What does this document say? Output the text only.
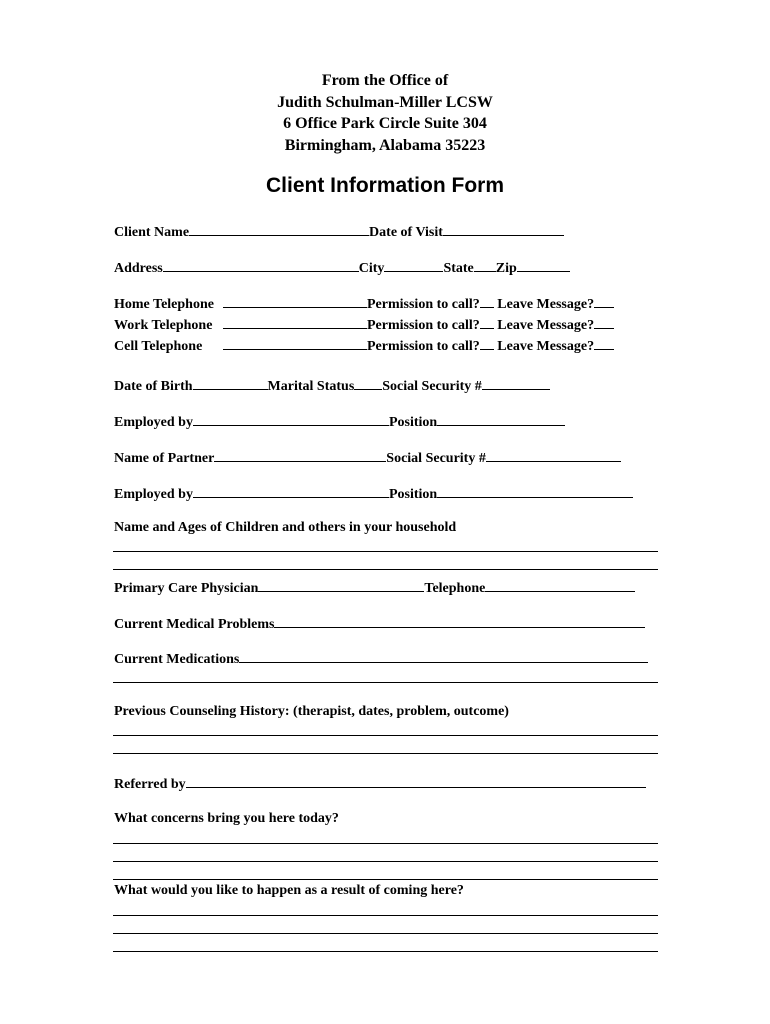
From the Office of
Judith Schulman-Miller LCSW
6 Office Park Circle Suite 304
Birmingham, Alabama 35223
Client Information Form
Client Name	Date of Visit
Address	City	State Zip
Home Telephone	Permission to call? Leave Message?
Work Telephone	Permission to call? Leave Message?
Cell Telephone	Permission to call? Leave Message?
Date of Birth	Marital Status Social Security #
Employed by	Position
Name of Partner	Social Security #
Employed by	Position
Name and Ages of Children and others in your household
Primary Care Physician	Telephone
Current Medical Problems
Current Medications
Previous Counseling History: (therapist, dates, problem, outcome)
Referred by
What concerns bring you here today?
What would you like to happen as a result of coming here?
